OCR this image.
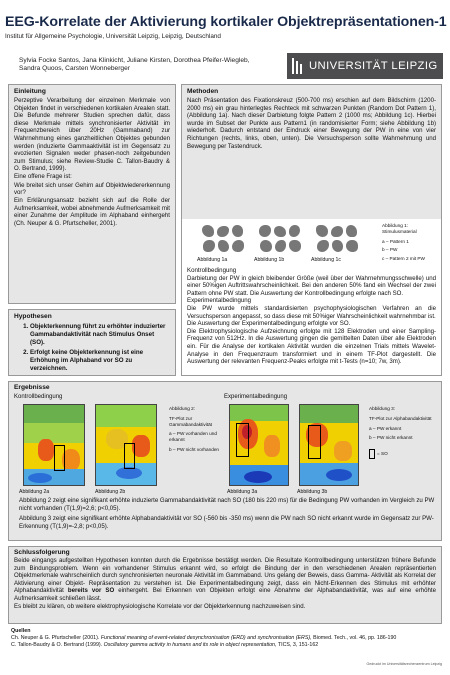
EEG-Korrelate der Aktivierung kortikaler Objektrepräsentationen-1
Institut für Allgemeine Psychologie, Universität Leipzig, Leipzig, Deutschland
Sylvia Focke Santos, Jana Klinkicht, Juliane Kirsten, Dorothea Pfeifer-Wiegleb, Sandra Quoos, Carsten Wonneberger	UNIVERSITÄT LEIPZIG
Einleitung

Perzeptive Verarbeitung der einzelnen Merkmale von Objekten findet in verschiedenen kortikalen Arealen statt. Die Befunde mehrerer Studien sprechen dafür, dass diese Merkmale mittels synchronisierter Aktivität im Frequenzbereich über 20Hz (Gammaband) zur Wahrnehmung eines ganzheitlichen Objektes gebunden werden (induzierte Gammaaktivität ist im Gegensatz zu evozierten Signalen weder phasen-noch zeitgebunden zum Stimulus; siehe Review-Studie C. Tallon-Baudry & O. Bertrand, 1999).

Eine offene Frage ist:

Wie breitet sich unser Gehirn auf Objektwiedererkennung vor?

Ein Erklärungsansatz bezieht sich auf die Rolle der Aufmerksamkeit, wobei abnehmende Aufmerksamkeit mit einer Zunahme der Amplitude im Alphaband einhergeht (Ch. Neuper & G. Pfurtscheller, 2001).

Hypothesen
1. Objekterkennung führt zu erhöhter induzierter Gammabandaktivität nach Stimulus Onset (SO).
2. Erfolgt keine Objekterkennung ist eine Erhöhung im Alphaband vor SO zu verzeichnen.
Methoden
Nach Präsentation des Fixationskreuz (500-700 ms) erschien auf dem Bildschirm (1200-2000 ms) ein grau hinterlegtes Rechteck mit schwarzen Punkten (Random Dot Pattern 1), (Abbildung 1a). Nach dieser Darbietung folgte Pattern 2 (1000 ms; Abbildung 1c). Hierbei wurde im Subset der Punkte aus Pattern1 (in randomisierter Form; siehe Abbildung 1b) wiederholt. Dadurch entstand der Eindruck einer Bewegung der PW in eine von vier Richtungen (rechts, links, oben, unten). Die Versuchsperson sollte Wahrnehmung und Bewegung per Tastendruck.
Abbildung 1a	Abbildung 1b	Abbildung 1c
Abbildung 1: Stimulusmaterial
a – Pattern 1
b – PW
c – Pattern 2 mit PW
Kontrollbedingung
Darbietung der PW in gleich bleibender Größe (weil über der Wahrnehmungsschwelle) und einer 50%igen Auftrittswahrscheinlichkeit. Bei den anderen 50% fand ein Wechsel der zwei Pattern ohne PW statt. Die Auswertung der Kontrollbedingung erfolgte nach SO.
Experimentalbedingung
Die PW wurde mittels standardisierten psychophysiologischen Verfahren an die Versuchsperson angepasst, so dass diese mit 50%iger Wahrscheinlichkeit wahrnehmbar ist.
Die Auswertung der Experimentalbedingung erfolgte vor SO.
Die Elektrophysiologische Aufzeichnung erfolgte mit 128 Elektroden und einer Sampling-Frequenz von 512Hz. In die Auswertung gingen die gemittelten Daten über alle Elektroden ein. Für die Analyse der kortikalen Aktivität wurden die einzelnen Trials mittels Wavelet-Analyse in den Frequenzraum transformiert und in einem TF-Plot dargestellt. Die Auswertung der relevanten Frequenz-Peaks erfolgte mit t-Tests (n=10; 7w, 3m).
Ergebnisse
Kontrollbedingung	Experimentalbedingung
Abbildung 2:
TF-Plot zur Gammabandaktivität
a – PW vorhanden und erkannt
b – PW nicht vorhanden
Abbildung 3:
TF-Plot zur Alphabandaktivität
a – PW erkannt
b – PW nicht erkannt
= SO
Abbildung 2a	Abbildung 2b	Abbildung 3a	Abbildung 3b
Abbildung 2 zeigt eine signifikant erhöhte induzierte Gammabandaktivität nach SO (180 bis 220 ms) für die Bedingung PW vorhanden im Vergleich zu PW nicht vorhanden (T(1,9)=2,6; p<0,05).
Abbildung 3 zeigt eine signifikant erhöhte Alphabandaktivität vor SO (-560 bis -350 ms) wenn die PW nach SO nicht erkannt wurde im Gegensatz zur PW-Erkennung (T(1,9)=-2,8; p<0,05).
Schlussfolgerung
Beide eingangs aufgestellten Hypothesen konnten durch die Ergebnisse bestätigt werden. Die Resultate Kontrollbedingung unterstützen frühere Befunde zum Bindungsproblem. Wenn ein vorhandener Stimulus erkannt wird, so erfolgt die Bindung der in den verschiedenen Arealen repräsentierten Objektmerkmale wahrscheinlich durch synchronisierten neuronale Aktivität im Gammaband. Uns gelang der Beweis, dass Gamma- Aktivität als Korrelat der Aktivierung einer Objekt- Repräsentation zu verstehen ist. Die Experimentalbedingung zeigt, dass ein Nicht-Erkennen des Stimulus mit erhöhter Alphabandaktivität bereits vor SO einhergeht. Bei Erkennen von Objekten erfolgt eine Abnahme der Alphabandaktivität, was auf eine erhöhte Aufmerksamkeit schließen lässt.
Es bleibt zu klären, ob weitere elektrophysiologische Korrelate vor der Objekterkennung nachzuweisen sind.
Quellen
Ch. Neuper & G. Pfurtscheller (2001). Functional meaning of event-related desynchronisation (ERD) and synchronisation (ERS), Biomed. Tech., vol. 46, pp. 186-190
C. Tallon-Baudry & O. Bertrand (1999). Oscillatory gamma activity in humans and its role in object representation, TICS, 3, 151-162
Gedruckt im Universitätsrechenzentrum Leipzig
